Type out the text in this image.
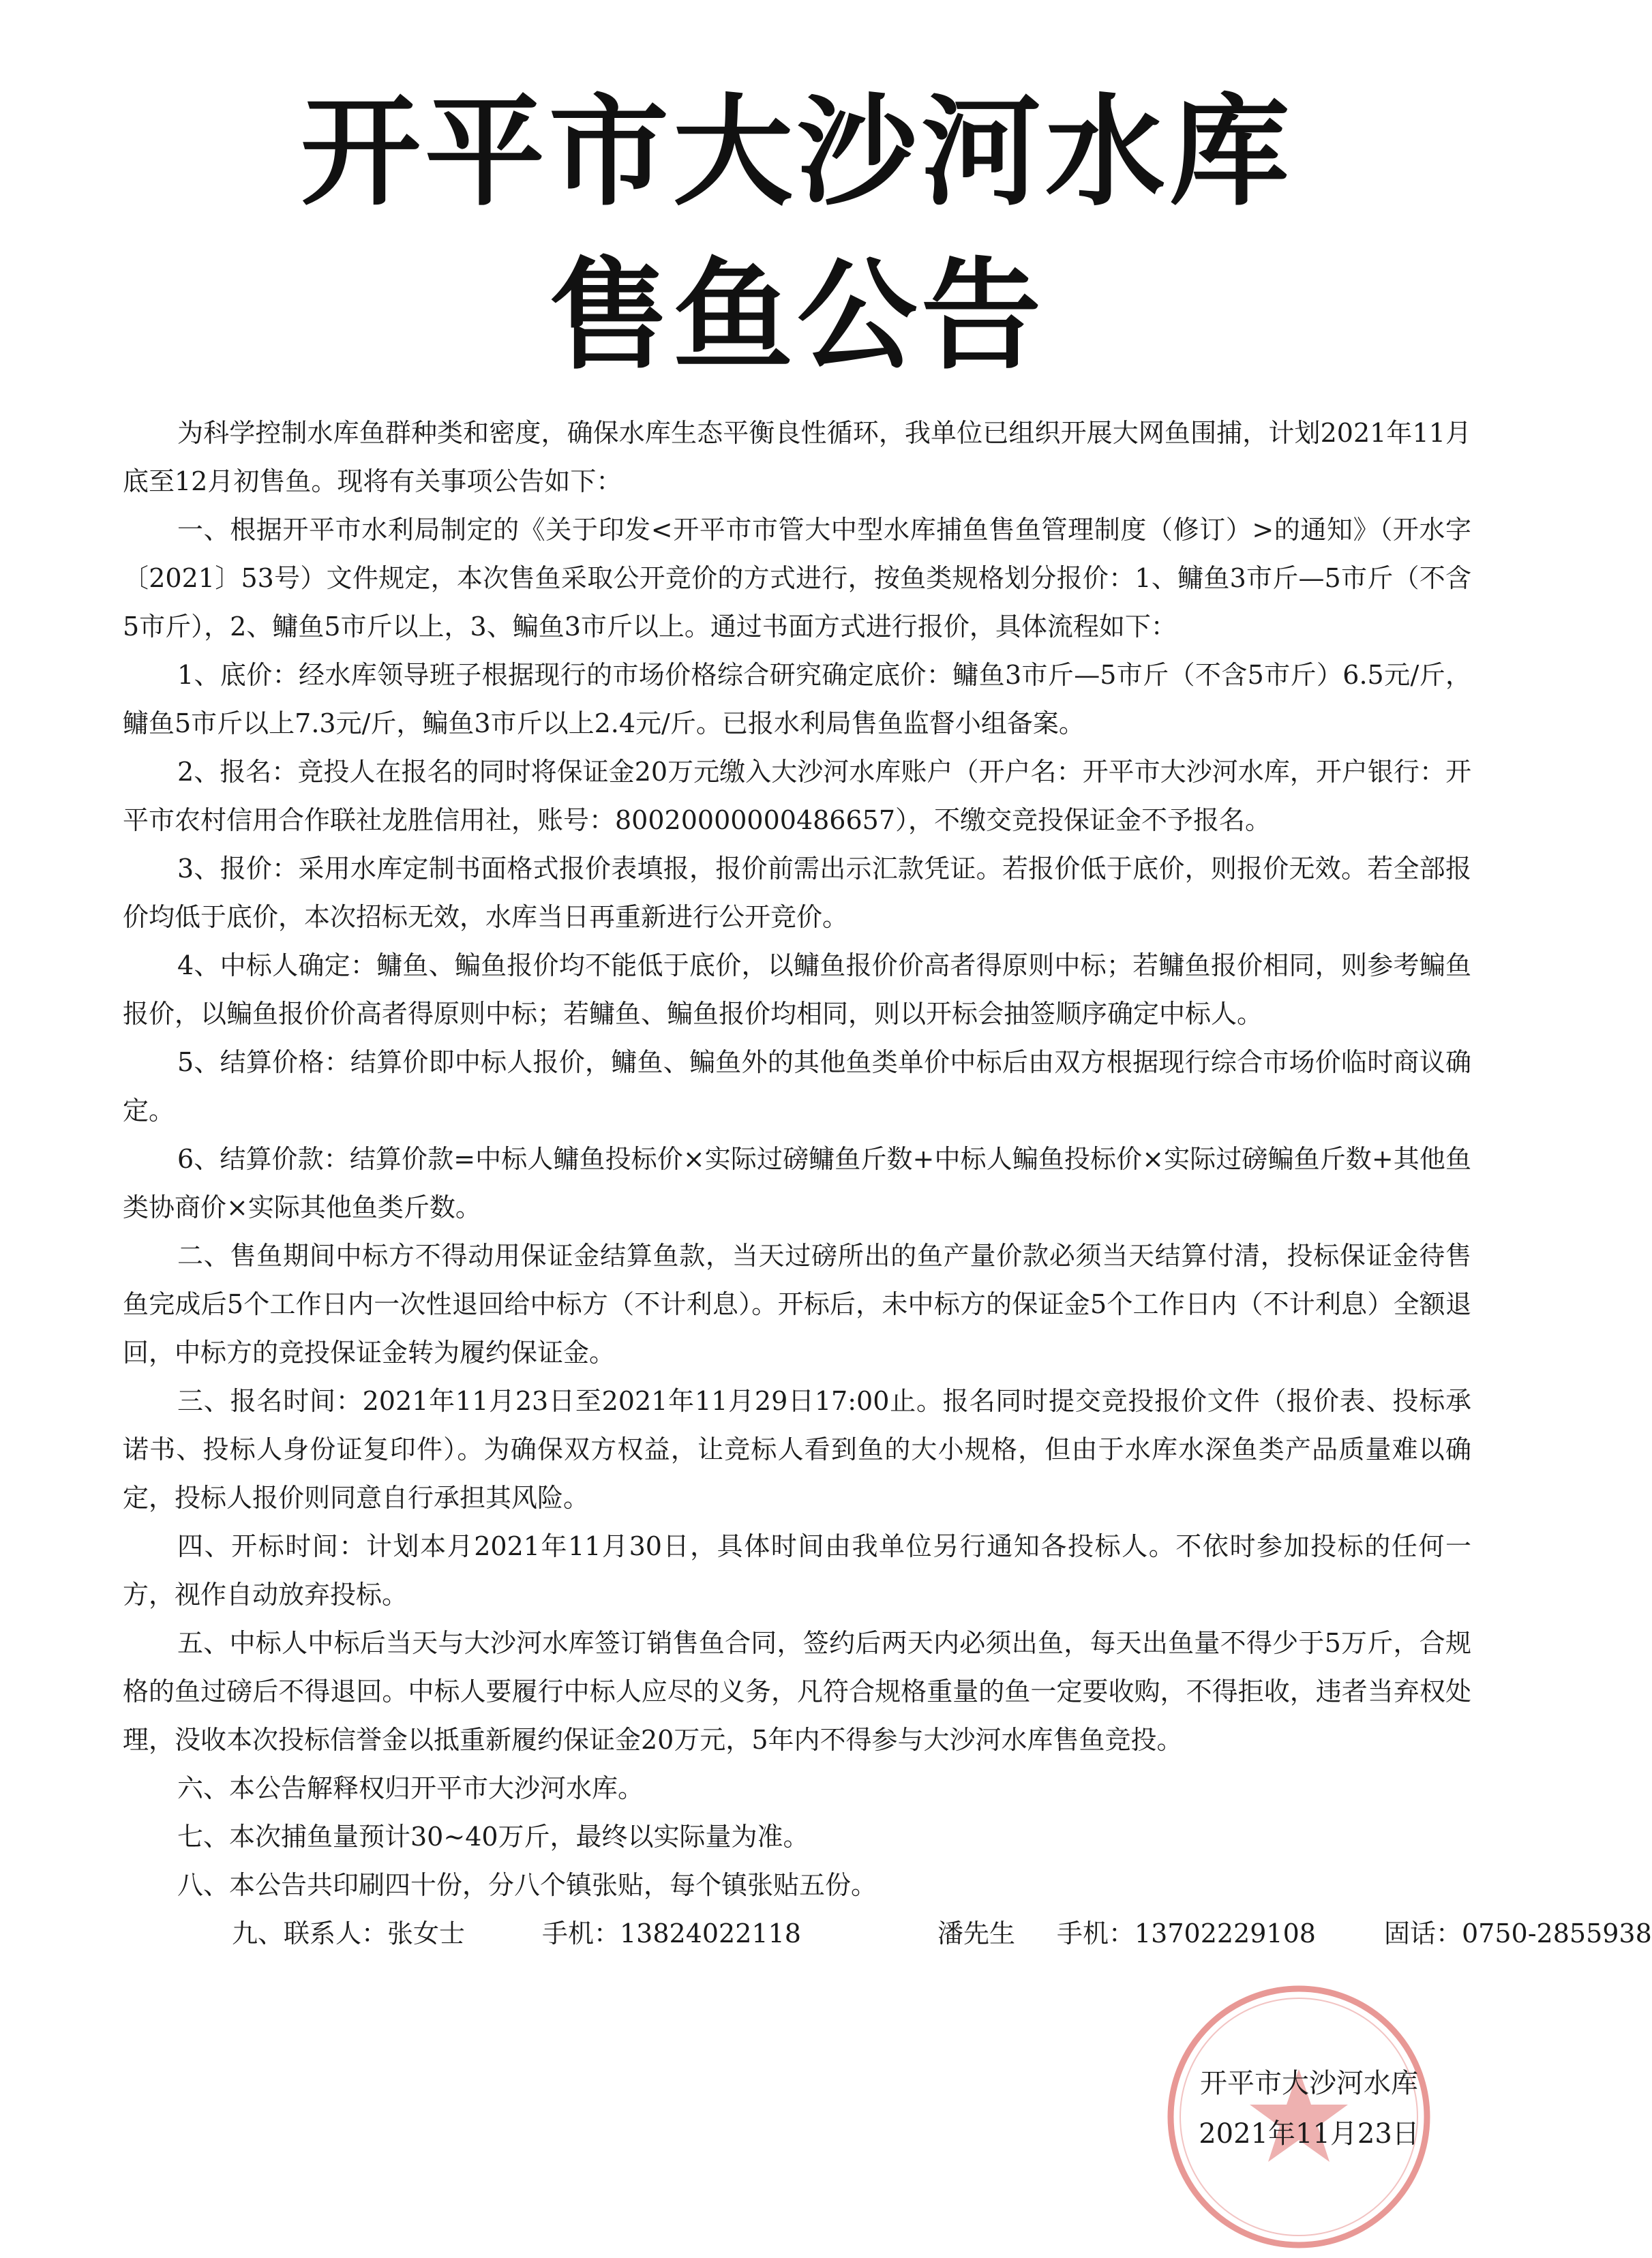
开平市大沙河水库
售鱼公告

为科学控制水库鱼群种类和密度，确保水库生态平衡良性循环，我单位已组织开展大网鱼围捕，计划2021年11月底至12月初售鱼。现将有关事项公告如下：

一、根据开平市水利局制定的《关于印发<开平市市管大中型水库捕鱼售鱼管理制度（修订）>的通知》（开水字〔2021〕53号）文件规定，本次售鱼采取公开竞价的方式进行，按鱼类规格划分报价：1、鳙鱼3市斤—5市斤（不含5市斤），2、鳙鱼5市斤以上，3、鳊鱼3市斤以上。通过书面方式进行报价，具体流程如下：

1、底价：经水库领导班子根据现行的市场价格综合研究确定底价：鳙鱼3市斤—5市斤（不含5市斤）6.5元/斤，鳙鱼5市斤以上7.3元/斤，鳊鱼3市斤以上2.4元/斤。已报水利局售鱼监督小组备案。

2、报名：竞投人在报名的同时将保证金20万元缴入大沙河水库账户（开户名：开平市大沙河水库，开户银行：开平市农村信用合作联社龙胜信用社，账号：80020000000486657），不缴交竞投保证金不予报名。

3、报价：采用水库定制书面格式报价表填报，报价前需出示汇款凭证。若报价低于底价，则报价无效。若全部报价均低于底价，本次招标无效，水库当日再重新进行公开竞价。

4、中标人确定：鳙鱼、鳊鱼报价均不能低于底价，以鳙鱼报价价高者得原则中标；若鳙鱼报价相同，则参考鳊鱼报价，以鳊鱼报价价高者得原则中标；若鳙鱼、鳊鱼报价均相同，则以开标会抽签顺序确定中标人。

5、结算价格：结算价即中标人报价，鳙鱼、鳊鱼外的其他鱼类单价中标后由双方根据现行综合市场价临时商议确定。

6、结算价款：结算价款=中标人鳙鱼投标价×实际过磅鳙鱼斤数+中标人鳊鱼投标价×实际过磅鳊鱼斤数+其他鱼类协商价×实际其他鱼类斤数。

二、售鱼期间中标方不得动用保证金结算鱼款，当天过磅所出的鱼产量价款必须当天结算付清，投标保证金待售鱼完成后5个工作日内一次性退回给中标方（不计利息）。开标后，未中标方的保证金5个工作日内（不计利息）全额退回，中标方的竞投保证金转为履约保证金。

三、报名时间：2021年11月23日至2021年11月29日17:00止。报名同时提交竞投报价文件（报价表、投标承诺书、投标人身份证复印件）。为确保双方权益，让竞标人看到鱼的大小规格，但由于水库水深鱼类产品质量难以确定，投标人报价则同意自行承担其风险。

四、开标时间：计划本月2021年11月30日，具体时间由我单位另行通知各投标人。不依时参加投标的任何一方，视作自动放弃投标。

五、中标人中标后当天与大沙河水库签订销售鱼合同，签约后两天内必须出鱼，每天出鱼量不得少于5万斤，合规格的鱼过磅后不得退回。中标人要履行中标人应尽的义务，凡符合规格重量的鱼一定要收购，不得拒收，违者当弃权处理，没收本次投标信誉金以抵重新履约保证金20万元，5年内不得参与大沙河水库售鱼竞投。

六、本公告解释权归开平市大沙河水库。

七、本次捕鱼量预计30~40万斤，最终以实际量为准。

八、本公告共印刷四十份，分八个镇张贴，每个镇张贴五份。

九、联系人：张女士	手机：13824022118	潘先生 手机：13702229108	固话：0750-2855938

开平市大沙河水库
2021年11月23日
